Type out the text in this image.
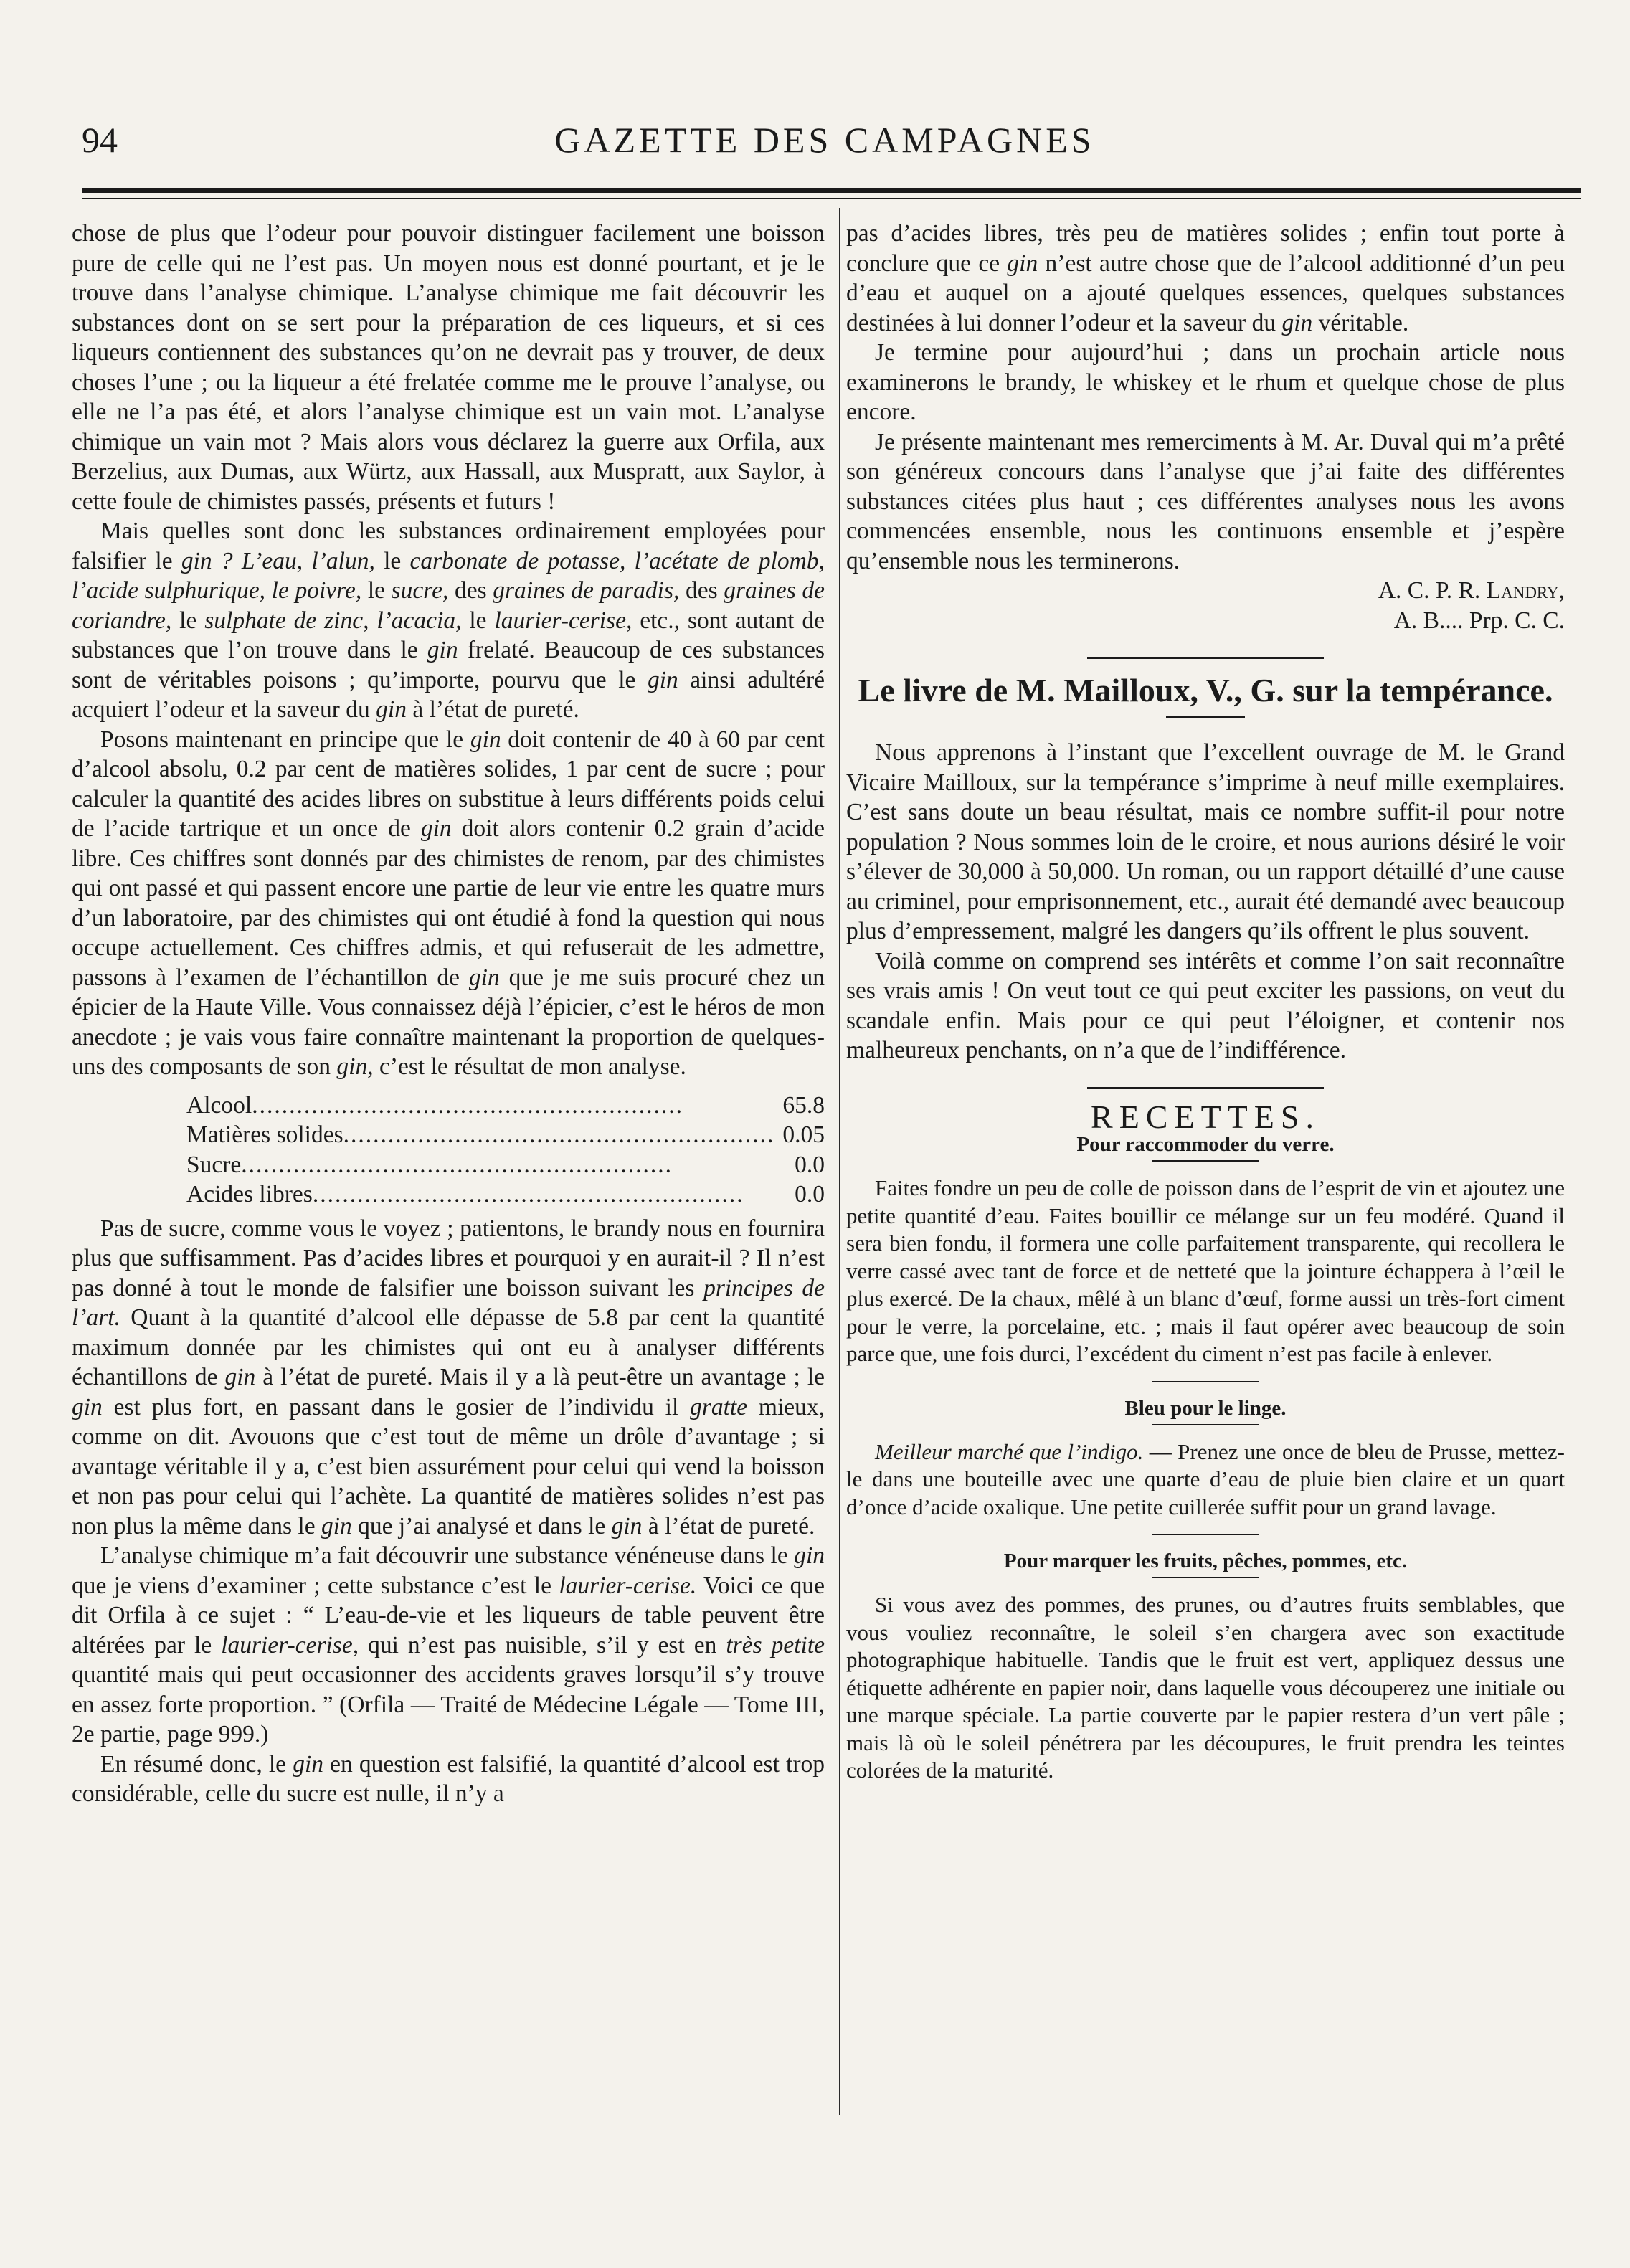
94	GAZETTE DES CAMPAGNES

chose de plus que l’odeur pour pouvoir distinguer facilement une boisson pure de celle qui ne l’est pas. Un moyen nous est donné pourtant, et je le trouve dans l’analyse chimique. L’analyse chimique me fait découvrir les substances dont on se sert pour la préparation de ces liqueurs, et si ces liqueurs contiennent des substances qu’on ne devrait pas y trouver, de deux choses l’une ; ou la liqueur a été frelatée comme me le prouve l’analyse, ou elle ne l’a pas été, et alors l’analyse chimique est un vain mot. L’analyse chimique un vain mot ? Mais alors vous déclarez la guerre aux Orfila, aux Berzelius, aux Dumas, aux Würtz, aux Hassall, aux Muspratt, aux Saylor, à cette foule de chimistes passés, présents et futurs !

Mais quelles sont donc les substances ordinairement employées pour falsifier le gin ? L’eau, l’alun, le carbonate de potasse, l’acétate de plomb, l’acide sulphurique, le poivre, le sucre, des graines de paradis, des graines de coriandre, le sulphate de zinc, l’acacia, le laurier-cerise, etc., sont autant de substances que l’on trouve dans le gin frelaté. Beaucoup de ces substances sont de véritables poisons ; qu’importe, pourvu que le gin ainsi adultéré acquiert l’odeur et la saveur du gin à l’état de pureté.

Posons maintenant en principe que le gin doit contenir de 40 à 60 par cent d’alcool absolu, 0.2 par cent de matières solides, 1 par cent de sucre ; pour calculer la quantité des acides libres on substitue à leurs différents poids celui de l’acide tartrique et un once de gin doit alors contenir 0.2 grain d’acide libre. Ces chiffres sont donnés par des chimistes de renom, par des chimistes qui ont passé et qui passent encore une partie de leur vie entre les quatre murs d’un laboratoire, par des chimistes qui ont étudié à fond la question qui nous occupe actuellement. Ces chiffres admis, et qui refuserait de les admettre, passons à l’examen de l’échantillon de gin que je me suis procuré chez un épicier de la Haute Ville. Vous connaissez déjà l’épicier, c’est le héros de mon anecdote ; je vais vous faire connaître maintenant la proportion de quelques-uns des composants de son gin, c’est le résultat de mon analyse.

Alcool..........................................................	65.8
Matières solides..........................................................	0.05
Sucre..........................................................	0.0
Acides libres..........................................................	0.0

Pas de sucre, comme vous le voyez ; patientons, le brandy nous en fournira plus que suffisamment. Pas d’acides libres et pourquoi y en aurait-il ? Il n’est pas donné à tout le monde de falsifier une boisson suivant les principes de l’art. Quant à la quantité d’alcool elle dépasse de 5.8 par cent la quantité maximum donnée par les chimistes qui ont eu à analyser différents échantillons de gin à l’état de pureté. Mais il y a là peut-être un avantage ; le gin est plus fort, en passant dans le gosier de l’individu il gratte mieux, comme on dit. Avouons que c’est tout de même un drôle d’avantage ; si avantage véritable il y a, c’est bien assurément pour celui qui vend la boisson et non pas pour celui qui l’achète. La quantité de matières solides n’est pas non plus la même dans le gin que j’ai analysé et dans le gin à l’état de pureté.

L’analyse chimique m’a fait découvrir une substance vénéneuse dans le gin que je viens d’examiner ; cette substance c’est le laurier-cerise. Voici ce que dit Orfila à ce sujet : “ L’eau-de-vie et les liqueurs de table peuvent être altérées par le laurier-cerise, qui n’est pas nuisible, s’il y est en très petite quantité mais qui peut occasionner des accidents graves lorsqu’il s’y trouve en assez forte proportion. ” (Orfila — Traité de Médecine Légale — Tome III, 2e partie, page 999.)

En résumé donc, le gin en question est falsifié, la quantité d’alcool est trop considérable, celle du sucre est nulle, il n’y a

pas d’acides libres, très peu de matières solides ; enfin tout porte à conclure que ce gin n’est autre chose que de l’alcool additionné d’un peu d’eau et auquel on a ajouté quelques essences, quelques substances destinées à lui donner l’odeur et la saveur du gin véritable.

Je termine pour aujourd’hui ; dans un prochain article nous examinerons le brandy, le whiskey et le rhum et quelque chose de plus encore.

Je présente maintenant mes remerciments à M. Ar. Duval qui m’a prêté son généreux concours dans l’analyse que j’ai faite des différentes substances citées plus haut ; ces différentes analyses nous les avons commencées ensemble, nous les continuons ensemble et j’espère qu’ensemble nous les terminerons.

A. C. P. R. Landry,

A. B.... Prp. C. C.

Le livre de M. Mailloux, V., G. sur la tempérance.

Nous apprenons à l’instant que l’excellent ouvrage de M. le Grand Vicaire Mailloux, sur la tempérance s’imprime à neuf mille exemplaires. C’est sans doute un beau résultat, mais ce nombre suffit-il pour notre population ? Nous sommes loin de le croire, et nous aurions désiré le voir s’élever de 30,000 à 50,000. Un roman, ou un rapport détaillé d’une cause au criminel, pour emprisonnement, etc., aurait été demandé avec beaucoup plus d’empressement, malgré les dangers qu’ils offrent le plus souvent.

Voilà comme on comprend ses intérêts et comme l’on sait reconnaître ses vrais amis ! On veut tout ce qui peut exciter les passions, on veut du scandale enfin. Mais pour ce qui peut l’éloigner, et contenir nos malheureux penchants, on n’a que de l’indifférence.

RECETTES.

Pour raccommoder du verre.

Faites fondre un peu de colle de poisson dans de l’esprit de vin et ajoutez une petite quantité d’eau. Faites bouillir ce mélange sur un feu modéré. Quand il sera bien fondu, il formera une colle parfaitement transparente, qui recollera le verre cassé avec tant de force et de netteté que la jointure échappera à l’œil le plus exercé. De la chaux, mêlé à un blanc d’œuf, forme aussi un très-fort ciment pour le verre, la porcelaine, etc. ; mais il faut opérer avec beaucoup de soin parce que, une fois durci, l’excédent du ciment n’est pas facile à enlever.

Bleu pour le linge.

Meilleur marché que l’indigo. — Prenez une once de bleu de Prusse, mettez-le dans une bouteille avec une quarte d’eau de pluie bien claire et un quart d’once d’acide oxalique. Une petite cuillerée suffit pour un grand lavage.

Pour marquer les fruits, pêches, pommes, etc.

Si vous avez des pommes, des prunes, ou d’autres fruits semblables, que vous vouliez reconnaître, le soleil s’en chargera avec son exactitude photographique habituelle. Tandis que le fruit est vert, appliquez dessus une étiquette adhérente en papier noir, dans laquelle vous découperez une initiale ou une marque spéciale. La partie couverte par le papier restera d’un vert pâle ; mais là où le soleil pénétrera par les découpures, le fruit prendra les teintes colorées de la maturité.
